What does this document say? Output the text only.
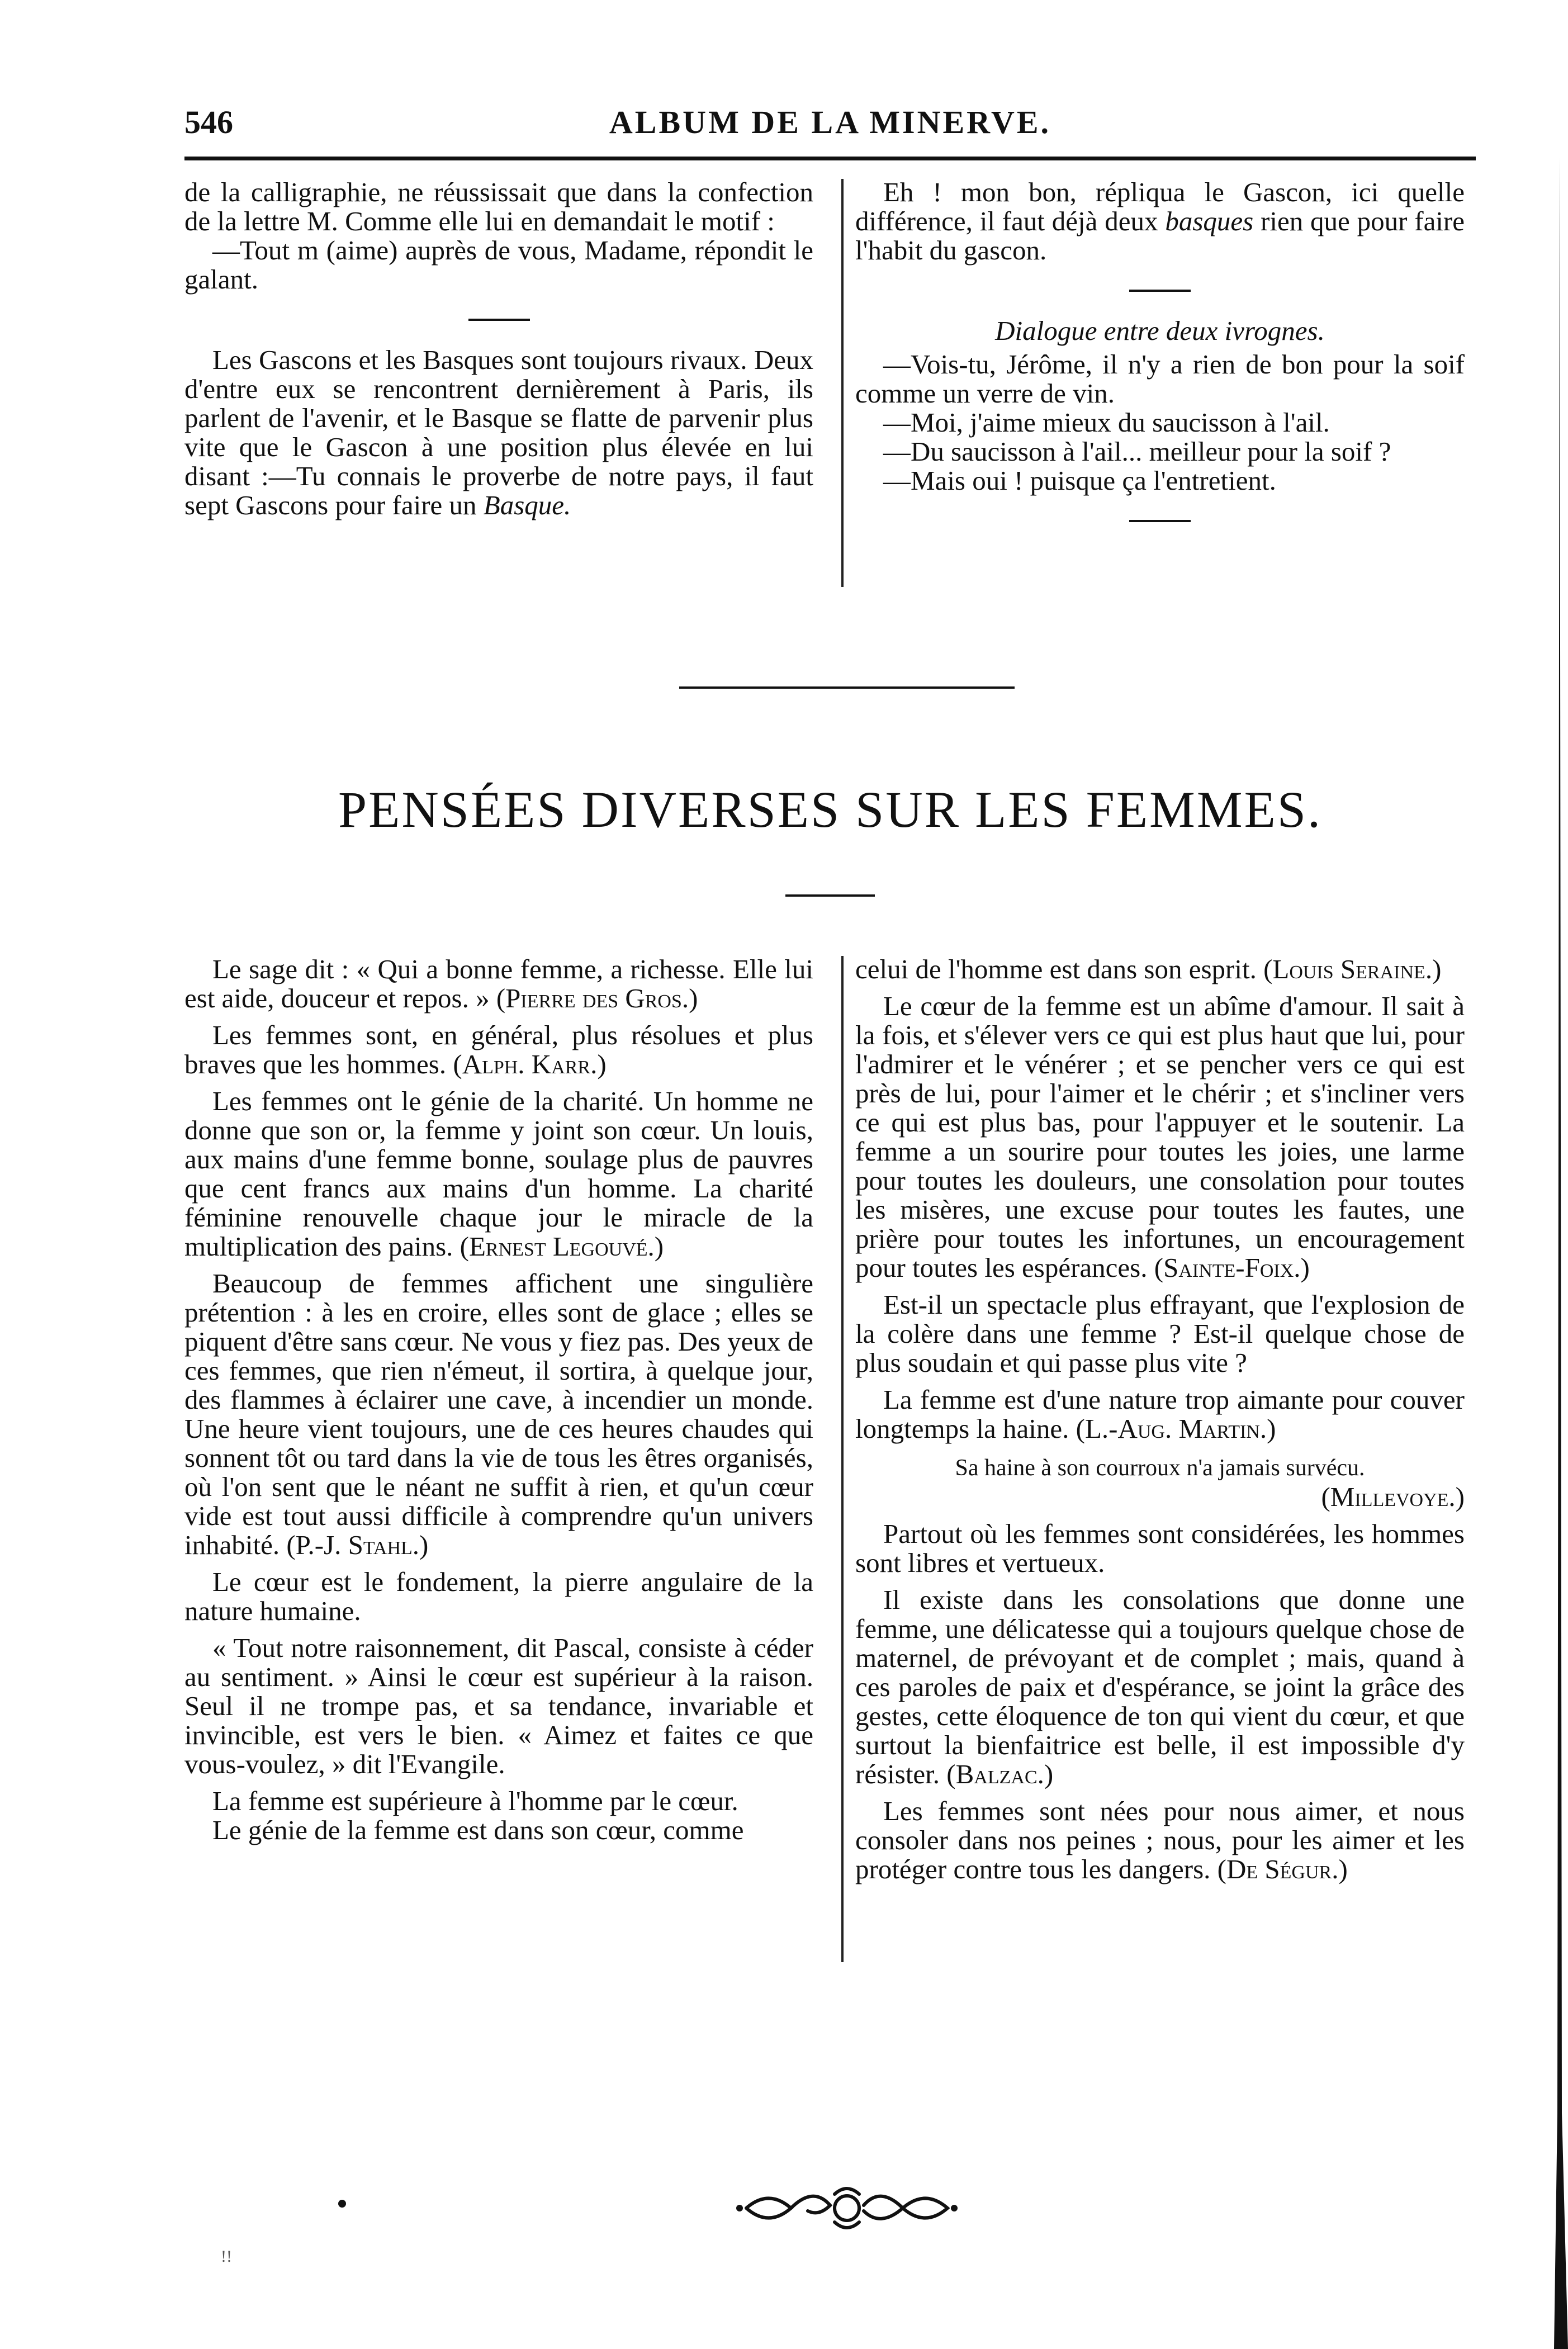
546	ALBUM DE LA MINERVE.

de la calligraphie, ne réussissait que dans la confection de la lettre M. Comme elle lui en demandait le motif :

—Tout m (aime) auprès de vous, Madame, répondit le galant.

Les Gascons et les Basques sont toujours rivaux. Deux d'entre eux se rencontrent dernièrement à Paris, ils parlent de l'avenir, et le Basque se flatte de parvenir plus vite que le Gascon à une position plus élevée en lui disant :—Tu connais le proverbe de notre pays, il faut sept Gascons pour faire un Basque.

Eh ! mon bon, répliqua le Gascon, ici quelle différence, il faut déjà deux basques rien que pour faire l'habit du gascon.

Dialogue entre deux ivrognes.

—Vois-tu, Jérôme, il n'y a rien de bon pour la soif comme un verre de vin.

—Moi, j'aime mieux du saucisson à l'ail.

—Du saucisson à l'ail... meilleur pour la soif ?

—Mais oui ! puisque ça l'entretient.

PENSÉES DIVERSES SUR LES FEMMES.

Le sage dit : « Qui a bonne femme, a richesse. Elle lui est aide, douceur et repos. » (Pierre des Gros.)

Les femmes sont, en général, plus résolues et plus braves que les hommes. (Alph. Karr.)

Les femmes ont le génie de la charité. Un homme ne donne que son or, la femme y joint son cœur. Un louis, aux mains d'une femme bonne, soulage plus de pauvres que cent francs aux mains d'un homme. La charité féminine renouvelle chaque jour le miracle de la multiplication des pains. (Ernest Legouvé.)

Beaucoup de femmes affichent une singulière prétention : à les en croire, elles sont de glace ; elles se piquent d'être sans cœur. Ne vous y fiez pas. Des yeux de ces femmes, que rien n'émeut, il sortira, à quelque jour, des flammes à éclairer une cave, à incendier un monde. Une heure vient toujours, une de ces heures chaudes qui sonnent tôt ou tard dans la vie de tous les êtres organisés, où l'on sent que le néant ne suffit à rien, et qu'un cœur vide est tout aussi difficile à comprendre qu'un univers inhabité. (P.-J. Stahl.)

Le cœur est le fondement, la pierre angulaire de la nature humaine.

« Tout notre raisonnement, dit Pascal, consiste à céder au sentiment. » Ainsi le cœur est supérieur à la raison. Seul il ne trompe pas, et sa tendance, invariable et invincible, est vers le bien. « Aimez et faites ce que vous-voulez, » dit l'Evangile.

La femme est supérieure à l'homme par le cœur.

Le génie de la femme est dans son cœur, comme

celui de l'homme est dans son esprit. (Louis Seraine.)

Le cœur de la femme est un abîme d'amour. Il sait à la fois, et s'élever vers ce qui est plus haut que lui, pour l'admirer et le vénérer ; et se pencher vers ce qui est près de lui, pour l'aimer et le chérir ; et s'incliner vers ce qui est plus bas, pour l'appuyer et le soutenir. La femme a un sourire pour toutes les joies, une larme pour toutes les douleurs, une consolation pour toutes les misères, une excuse pour toutes les fautes, une prière pour toutes les infortunes, un encouragement pour toutes les espérances. (Sainte-Foix.)

Est-il un spectacle plus effrayant, que l'explosion de la colère dans une femme ? Est-il quelque chose de plus soudain et qui passe plus vite ?

La femme est d'une nature trop aimante pour couver longtemps la haine. (L.-Aug. Martin.)

Sa haine à son courroux n'a jamais survécu.

(Millevoye.)

Partout où les femmes sont considérées, les hommes sont libres et vertueux.

Il existe dans les consolations que donne une femme, une délicatesse qui a toujours quelque chose de maternel, de prévoyant et de complet ; mais, quand à ces paroles de paix et d'espérance, se joint la grâce des gestes, cette éloquence de ton qui vient du cœur, et que surtout la bienfaitrice est belle, il est impossible d'y résister. (Balzac.)

Les femmes sont nées pour nous aimer, et nous consoler dans nos peines ; nous, pour les aimer et les protéger contre tous les dangers. (De Ségur.)

!!
